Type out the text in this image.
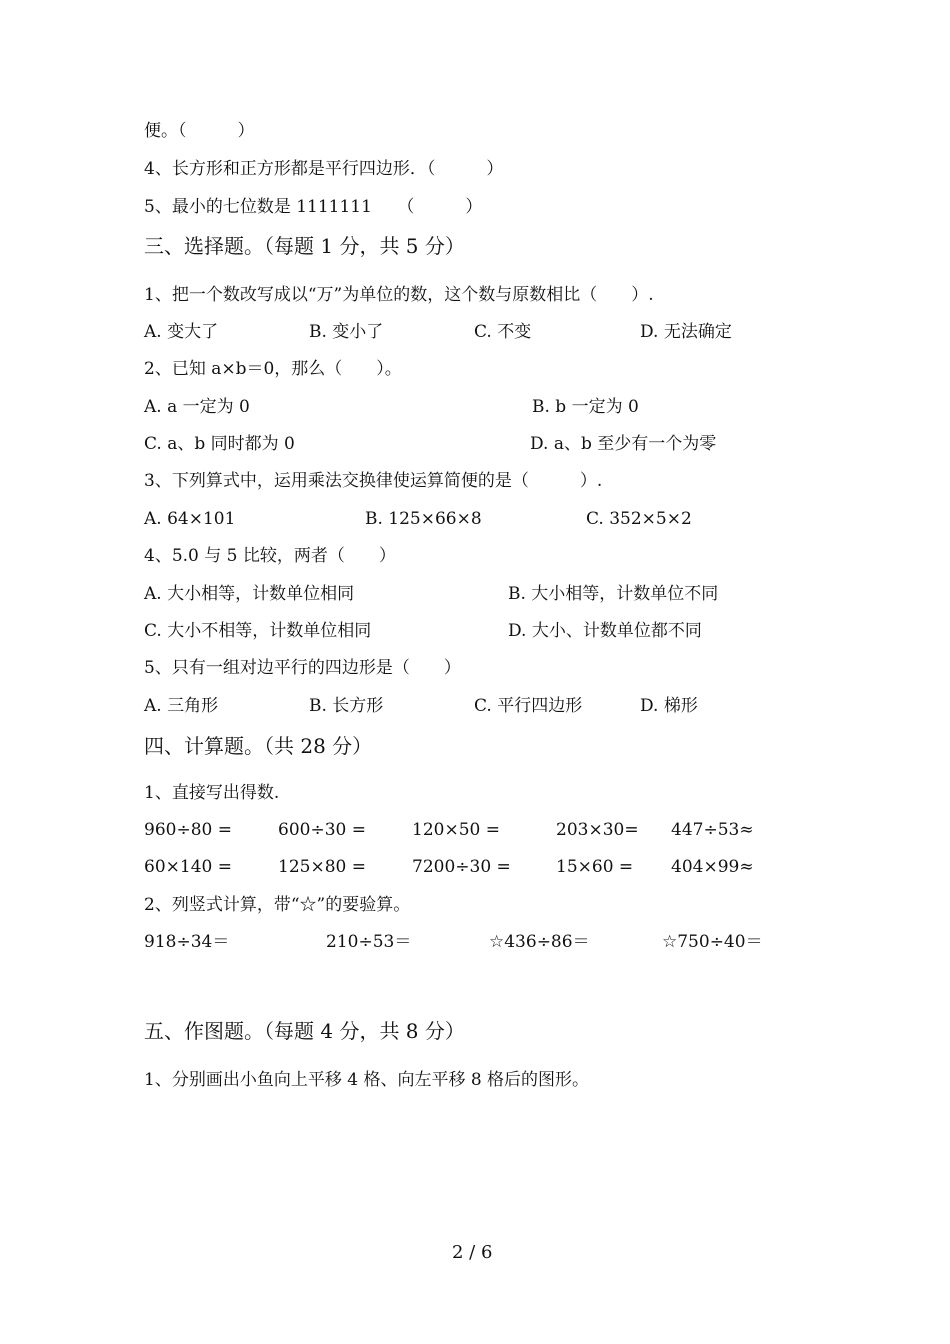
便。（　　　）
4、长方形和正方形都是平行四边形．（　　　）
5、最小的七位数是 1111111　　（　　　）
三、选择题。（每题 1 分，共 5 分）
1、把一个数改写成以“万”为单位的数，这个数与原数相比（　　）.
A. 变大了	B. 变小了	C. 不变	D. 无法确定
2、已知 a×b＝0，那么（　　）。
A. a 一定为 0	B. b 一定为 0
C. a、b 同时都为 0	D. a、b 至少有一个为零
3、下列算式中，运用乘法交换律使运算简便的是（　　　）.
A. 64×101	B. 125×66×8	C. 352×5×2
4、5.0 与 5 比较，两者（　　）
A. 大小相等，计数单位相同	B. 大小相等，计数单位不同
C. 大小不相等，计数单位相同	D. 大小、计数单位都不同
5、只有一组对边平行的四边形是（　　）
A. 三角形	B. 长方形	C. 平行四边形	D. 梯形
四、计算题。（共 28 分）
1、直接写出得数.
960÷80 =	600÷30 =	120×50 =	203×30= 447÷53≈
60×140 =	125×80 =	7200÷30 =	15×60 = 404×99≈
2、列竖式计算，带“☆”的要验算。
918÷34＝	210÷53＝	☆436÷86＝	☆750÷40＝
五、作图题。（每题 4 分，共 8 分）
1、分别画出小鱼向上平移 4 格、向左平移 8 格后的图形。
2 / 6
